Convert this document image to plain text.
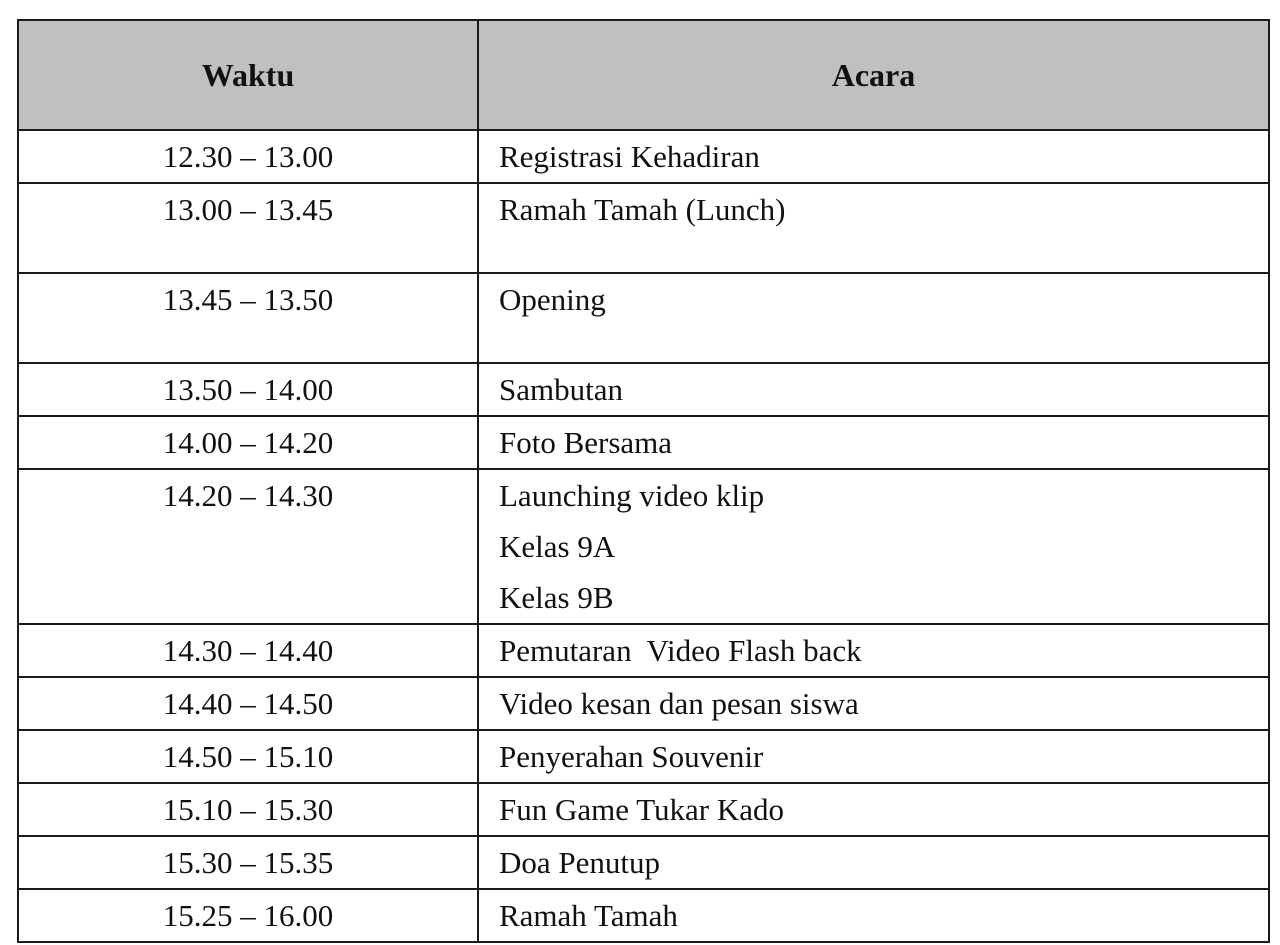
Waktu	Acara
12.30 – 13.00	Registrasi Kehadiran

13.00 – 13.45	Ramah Tamah (Lunch)

13.45 – 13.50	Opening

13.50 – 14.00	Sambutan

14.00 – 14.20	Foto Bersama

14.20 – 14.30	Launching video klip
Kelas 9A
Kelas 9B

14.30 – 14.40	Pemutaran  Video Flash back

14.40 – 14.50	Video kesan dan pesan siswa

14.50 – 15.10	Penyerahan Souvenir

15.10 – 15.30	Fun Game Tukar Kado

15.30 – 15.35	Doa Penutup

15.25 – 16.00	Ramah Tamah
